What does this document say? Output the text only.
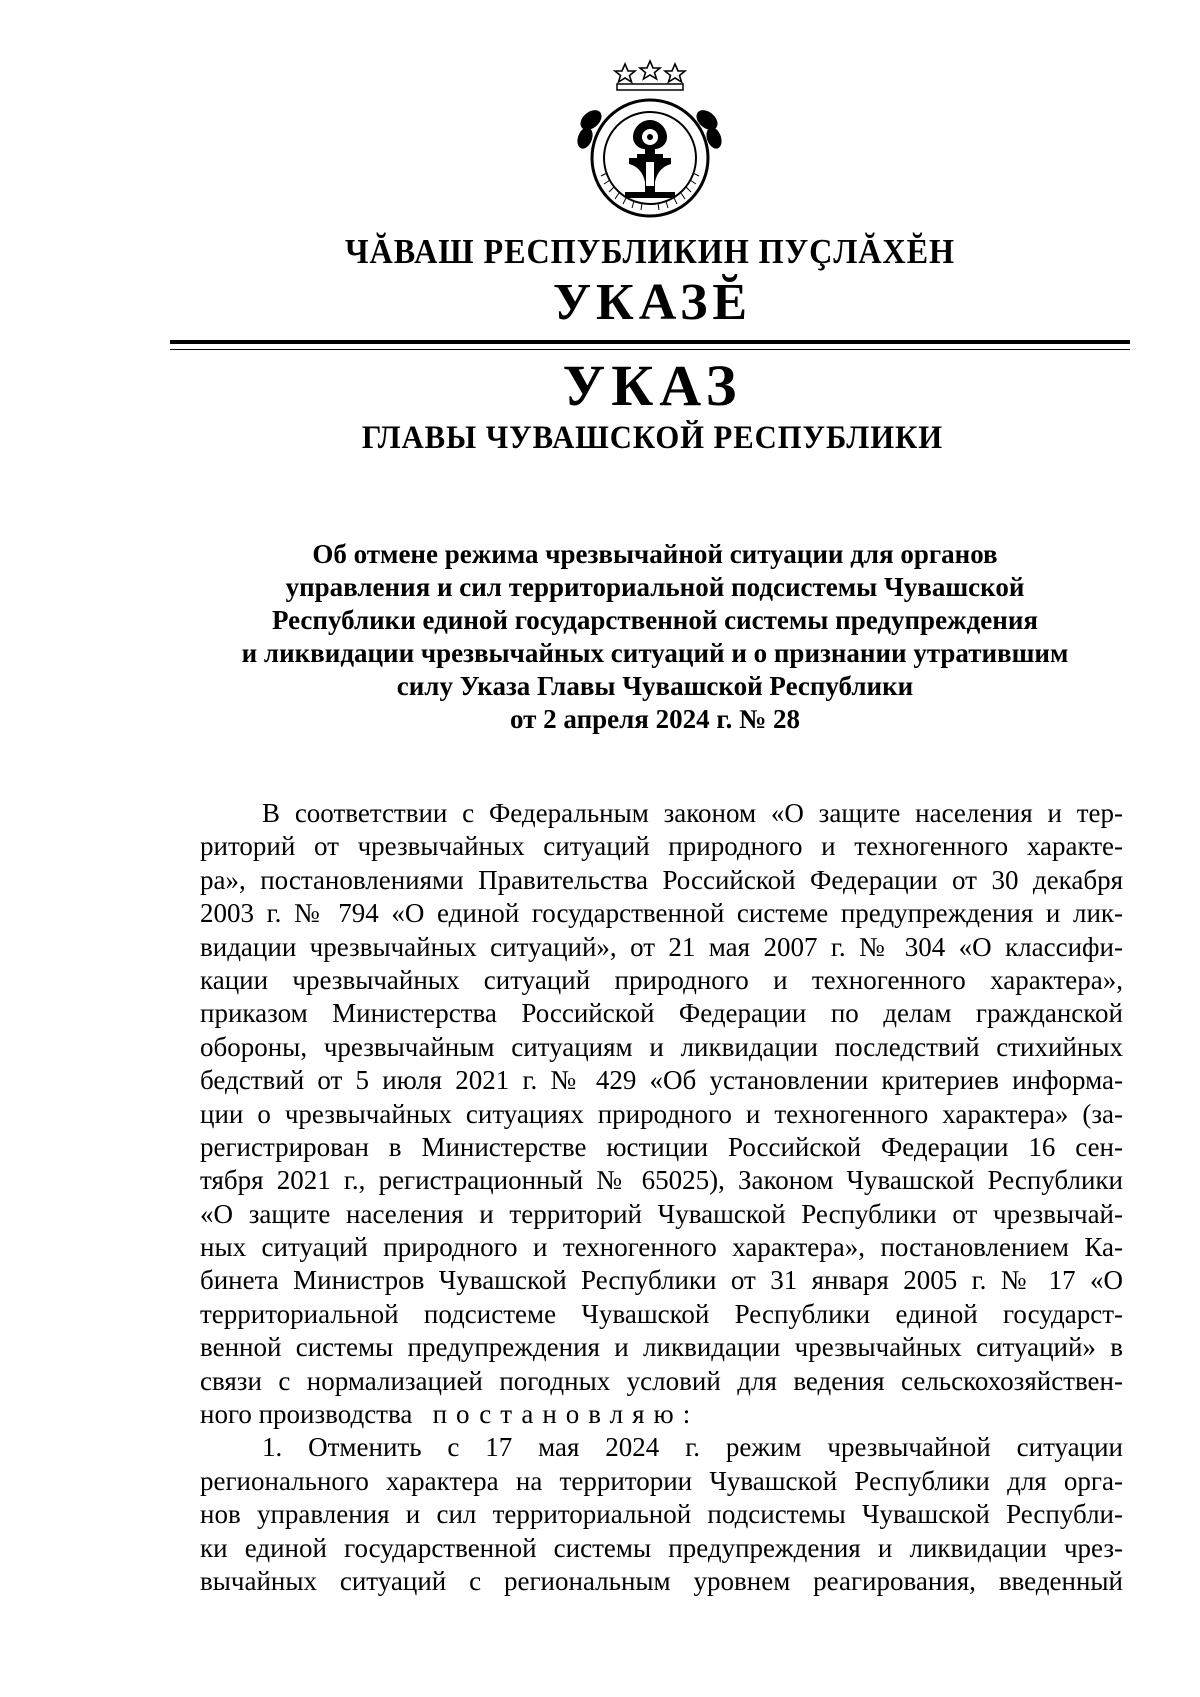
ЧĂВАШ РЕСПУБЛИКИН ПУÇЛĂХĔН
УКАЗĔ
УКАЗ
ГЛАВЫ ЧУВАШСКОЙ РЕСПУБЛИКИ
Об отмене режима чрезвычайной ситуации для органов
управления и сил территориальной подсистемы Чувашской
Республики единой государственной системы предупреждения
и ликвидации чрезвычайных ситуаций и о признании утратившим
силу Указа Главы Чувашской Республики
от 2 апреля 2024 г. № 28
В соответствии с Федеральным законом «О защите населения и тер-
риторий от чрезвычайных ситуаций природного и техногенного характе-
ра», постановлениями Правительства Российской Федерации от 30 декабря
2003 г. № 794 «О единой государственной системе предупреждения и лик-
видации чрезвычайных ситуаций», от 21 мая 2007 г. № 304 «О классифи-
кации чрезвычайных ситуаций природного и техногенного характера»,
приказом Министерства Российской Федерации по делам гражданской
обороны, чрезвычайным ситуациям и ликвидации последствий стихийных
бедствий от 5 июля 2021 г. № 429 «Об установлении критериев информа-
ции о чрезвычайных ситуациях природного и техногенного характера» (за-
регистрирован в Министерстве юстиции Российской Федерации 16 сен-
тября 2021 г., регистрационный № 65025), Законом Чувашской Республики
«О защите населения и территорий Чувашской Республики от чрезвычай-
ных ситуаций природного и техногенного характера», постановлением Ка-
бинета Министров Чувашской Республики от 31 января 2005 г. № 17 «О
территориальной подсистеме Чувашской Республики единой государст-
венной системы предупреждения и ликвидации чрезвычайных ситуаций» в
связи с нормализацией погодных условий для ведения сельскохозяйствен-
ного производства постановляю:
1. Отменить с 17 мая 2024 г. режим чрезвычайной ситуации
регионального характера на территории Чувашской Республики для орга-
нов управления и сил территориальной подсистемы Чувашской Республи-
ки единой государственной системы предупреждения и ликвидации чрез-
вычайных ситуаций с региональным уровнем реагирования, введенный
